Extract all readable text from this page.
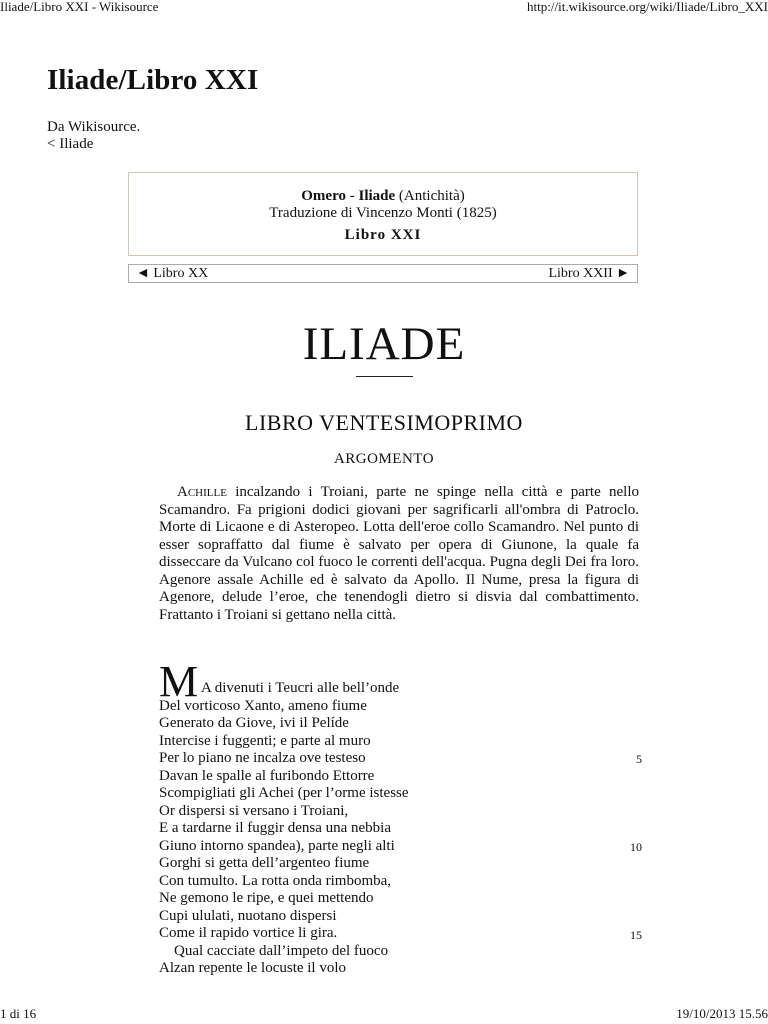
Iliade/Libro XXI - Wikisource	http://it.wikisource.org/wiki/Iliade/Libro_XXI
Iliade/Libro XXI
Da Wikisource.
< Iliade
Omero - Iliade (Antichità)
Traduzione di Vincenzo Monti (1825)
Libro XXI
◄ Libro XX	Libro XXII ►
ILIADE
LIBRO VENTESIMOPRIMO
ARGOMENTO
Achille incalzando i Troiani, parte ne spinge nella città e parte nello Scamandro. Fa prigioni dodici giovani per sagrificarli all'ombra di Patroclo. Morte di Licaone e di Asteropeo. Lotta dell'eroe collo Scamandro. Nel punto di esser sopraffatto dal fiume è salvato per opera di Giunone, la quale fa disseccare da Vulcano col fuoco le correnti dell'acqua. Pugna degli Dei fra loro. Agenore assale Achille ed è salvato da Apollo. Il Nume, presa la figura di Agenore, delude l’eroe, che tenendogli dietro si disvia dal combattimento. Frattanto i Troiani si gettano nella città.
M A divenuti i Teucri alle bell’onde
Del vorticoso Xanto, ameno fiume
Generato da Giove, ivi il Pelíde
Intercise i fuggenti; e parte al muro
Per lo piano ne incalza ove testeso
Davan le spalle al furibondo Ettorre
Scompigliati gli Achei (per l’orme istesse
Or dispersi si versano i Troiani,
E a tardarne il fuggir densa una nebbia
Giuno intorno spandea), parte negli alti
Gorghi si getta dell’argenteo fiume
Con tumulto. La rotta onda rimbomba,
Ne gemono le ripe, e quei mettendo
Cupi ululati, nuotano dispersi
Come il rapido vortice li gira.
Qual cacciate dall’impeto del fuoco
Alzan repente le locuste il volo
5
10
15
1 di 16	19/10/2013 15.56
